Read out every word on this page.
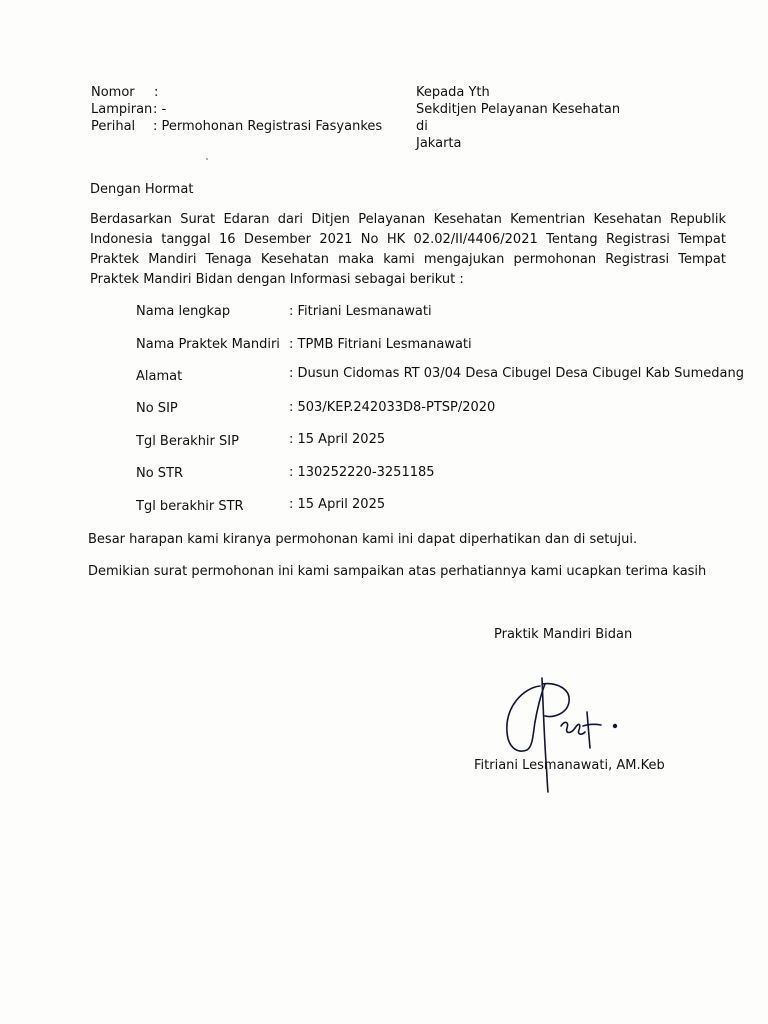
Nomor :
Lampiran : -
Perihal : Permohonan Registrasi Fasyankes
Kepada Yth
Sekditjen Pelayanan Kesehatan
di
Jakarta
Dengan Hormat
Berdasarkan Surat Edaran dari Ditjen Pelayanan Kesehatan Kementrian Kesehatan Republik Indonesia tanggal 16 Desember 2021 No HK 02.02/II/4406/2021 Tentang Registrasi Tempat Praktek Mandiri Tenaga Kesehatan maka kami mengajukan permohonan Registrasi Tempat Praktek Mandiri Bidan dengan Informasi sebagai berikut :
Nama lengkap	: Fitriani Lesmanawati
Nama Praktek Mandiri : TPMB Fitriani Lesmanawati
Alamat	: Dusun Cidomas RT 03/04 Desa Cibugel Desa Cibugel Kab Sumedang
No SIP	: 503/KEP.242033D8-PTSP/2020
Tgl Berakhir SIP	: 15 April 2025
No STR	: 130252220-3251185
Tgl berakhir STR	: 15 April 2025
Besar harapan kami kiranya permohonan kami ini dapat diperhatikan dan di setujui.
Demikian surat permohonan ini kami sampaikan atas perhatiannya kami ucapkan terima kasih
Praktik Mandiri Bidan
Fitriani Lesmanawati, AM.Keb
